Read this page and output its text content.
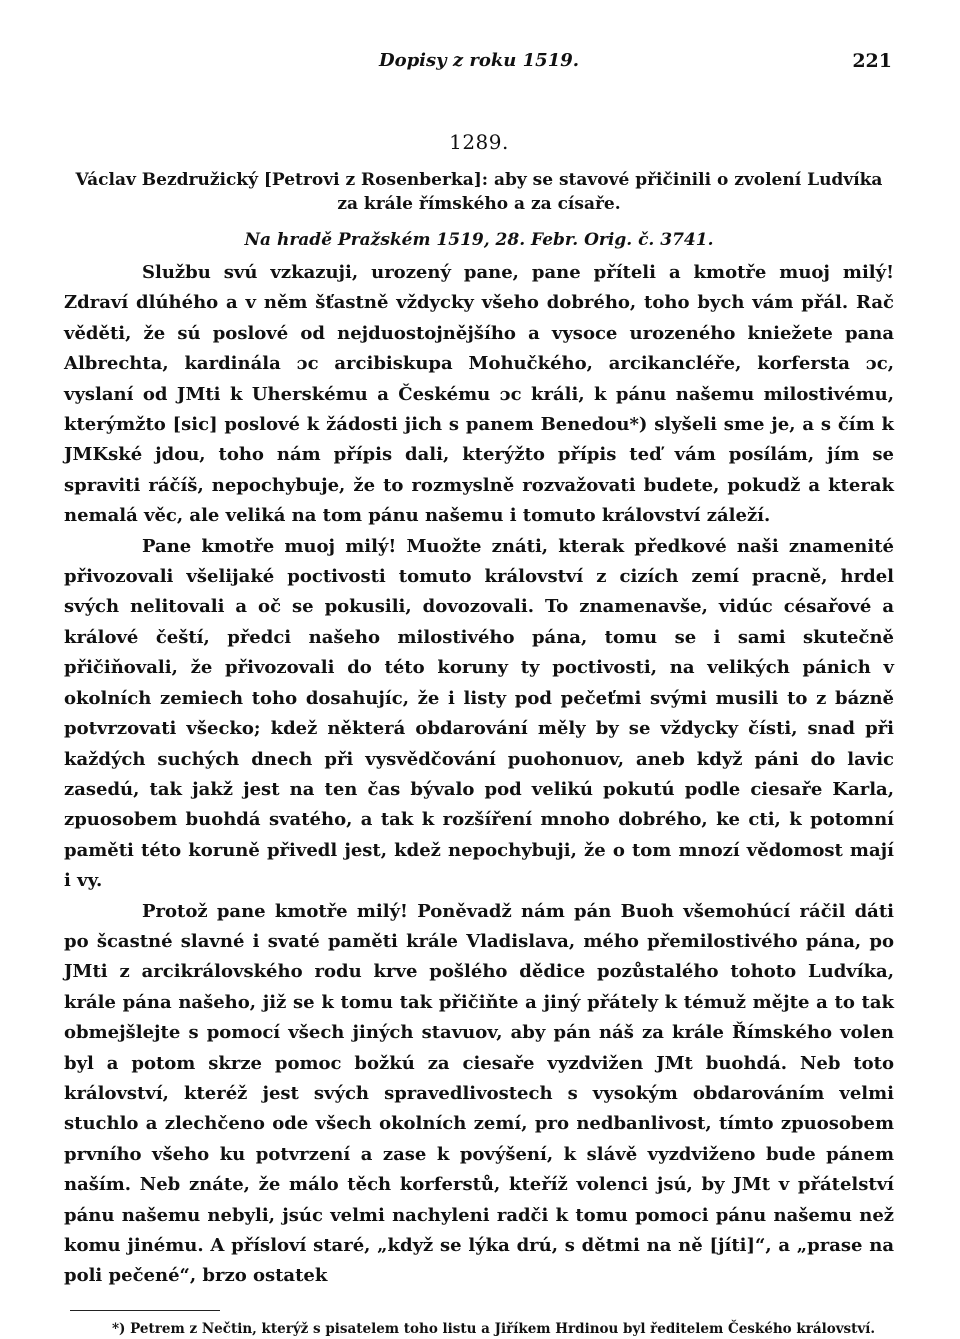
Dopisy z roku 1519.	221
1289.
Václav Bezdružický [Petrovi z Rosenberka]: aby se stavové přičinili o zvolení Ludvíka za krále římského a za císaře.
Na hradě Pražském 1519, 28. Febr. Orig. č. 3741.

Službu svú vzkazuji, urozený pane, pane příteli a kmotře muoj milý! Zdraví dlúhého a v něm šťastně vždycky všeho dobrého, toho bych vám přál. Rač věděti, že sú poslové od nejduostojnějšího a vysoce urozeného kniežete pana Albrechta, kardinála ɔc arcibiskupa Mohučkého, arcikancléře, korfersta ɔc, vyslaní od JMti k Uherskému a Českému ɔc králi, k pánu našemu milostivému, kterýmžto [sic] poslové k žádosti jich s panem Benedou*) slyšeli sme je, a s čím k JMKské jdou, toho nám přípis dali, kterýžto přípis teď vám posílám, jím se spraviti ráčíš, nepochybuje, že to rozmyslně rozvažovati budete, pokudž a kterak nemalá věc, ale veliká na tom pánu našemu i tomuto království záleží.

Pane kmotře muoj milý! Muožte znáti, kterak předkové naši znamenité přivozovali všelijaké poctivosti tomuto království z cizích zemí pracně, hrdel svých nelitovali a oč se pokusili, dovozovali. To znamenavše, vidúc césařové a králové čeští, předci našeho milostivého pána, tomu se i sami skutečně přičiňovali, že přivozovali do této koruny ty poctivosti, na velikých pánich v okolních zemiech toho dosahujíc, že i listy pod pečeťmi svými musili to z bázně potvrzovati všecko; kdež některá obdarování měly by se vždycky čísti, snad při každých suchých dnech při vysvědčování puohonuov, aneb když páni do lavic zasedú, tak jakž jest na ten čas bývalo pod velikú pokutú podle ciesaře Karla, zpuosobem buohdá svatého, a tak k rozšíření mnoho dobrého, ke cti, k potomní paměti této koruně přivedl jest, kdež nepochybuji, že o tom mnozí vědomost mají i vy.

Protož pane kmotře milý! Poněvadž nám pán Buoh všemohúcí ráčil dáti po šcastné slavné i svaté paměti krále Vladislava, mého přemilostivého pána, po JMti z arcikrálovského rodu krve pošlého dědice pozůstalého tohoto Ludvíka, krále pána našeho, již se k tomu tak přičiňte a jiný přátely k témuž mějte a to tak obmejšlejte s pomocí všech jiných stavuov, aby pán náš za krále Římského volen byl a potom skrze pomoc božkú za ciesaře vyzdvižen JMt buohdá. Neb toto království, kteréž jest svých spravedlivostech s vysokým obdarováním velmi stuchlo a zlechčeno ode všech okolních zemí, pro nedbanlivost, tímto zpuosobem prvního všeho ku potvrzení a zase k povýšení, k slávě vyzdviženo bude pánem naším. Neb znáte, že málo těch korferstů, kteříž volenci jsú, by JMt v přátelství pánu našemu nebyli, jsúc velmi nachyleni radči k tomu pomoci pánu našemu než komu jinému. A přísloví staré, „když se lýka drú, s dětmi na ně [jíti]“, a „prase na poli pečené“, brzo ostatek

*) Petrem z Nečtin, kterýž s pisatelem toho listu a Jiříkem Hrdinou byl ředitelem Českého království.
